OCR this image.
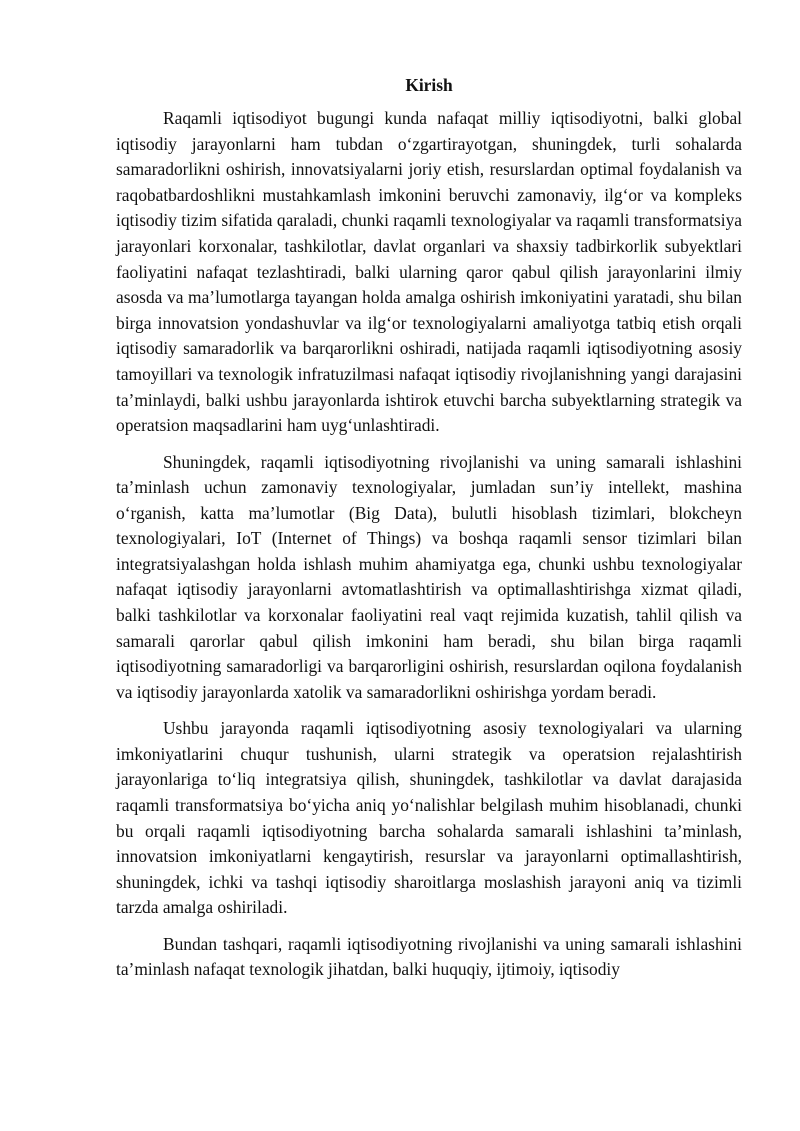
Kirish

Raqamli iqtisodiyot bugungi kunda nafaqat milliy iqtisodiyotni, balki global iqtisodiy jarayonlarni ham tubdan o‘zgartirayotgan, shuningdek, turli sohalarda samaradorlikni oshirish, innovatsiyalarni joriy etish, resurslardan optimal foydalanish va raqobatbardoshlikni mustahkamlash imkonini beruvchi zamonaviy, ilg‘or va kompleks iqtisodiy tizim sifatida qaraladi, chunki raqamli texnologiyalar va raqamli transformatsiya jarayonlari korxonalar, tashkilotlar, davlat organlari va shaxsiy tadbirkorlik subyektlari faoliyatini nafaqat tezlashtiradi, balki ularning qaror qabul qilish jarayonlarini ilmiy asosda va ma’lumotlarga tayangan holda amalga oshirish imkoniyatini yaratadi, shu bilan birga innovatsion yondashuvlar va ilg‘or texnologiyalarni amaliyotga tatbiq etish orqali iqtisodiy samaradorlik va barqarorlikni oshiradi, natijada raqamli iqtisodiyotning asosiy tamoyillari va texnologik infratuzilmasi nafaqat iqtisodiy rivojlanishning yangi darajasini ta’minlaydi, balki ushbu jarayonlarda ishtirok etuvchi barcha subyektlarning strategik va operatsion maqsadlarini ham uyg‘unlashtiradi.

Shuningdek, raqamli iqtisodiyotning rivojlanishi va uning samarali ishlashini ta’minlash uchun zamonaviy texnologiyalar, jumladan sun’iy intellekt, mashina o‘rganish, katta ma’lumotlar (Big Data), bulutli hisoblash tizimlari, blokcheyn texnologiyalari, IoT (Internet of Things) va boshqa raqamli sensor tizimlari bilan integratsiyalashgan holda ishlash muhim ahamiyatga ega, chunki ushbu texnologiyalar nafaqat iqtisodiy jarayonlarni avtomatlashtirish va optimallashtirishga xizmat qiladi, balki tashkilotlar va korxonalar faoliyatini real vaqt rejimida kuzatish, tahlil qilish va samarali qarorlar qabul qilish imkonini ham beradi, shu bilan birga raqamli iqtisodiyotning samaradorligi va barqarorligini oshirish, resurslardan oqilona foydalanish va iqtisodiy jarayonlarda xatolik va samaradorlikni oshirishga yordam beradi.

Ushbu jarayonda raqamli iqtisodiyotning asosiy texnologiyalari va ularning imkoniyatlarini chuqur tushunish, ularni strategik va operatsion rejalashtirish jarayonlariga to‘liq integratsiya qilish, shuningdek, tashkilotlar va davlat darajasida raqamli transformatsiya bo‘yicha aniq yo‘nalishlar belgilash muhim hisoblanadi, chunki bu orqali raqamli iqtisodiyotning barcha sohalarda samarali ishlashini ta’minlash, innovatsion imkoniyatlarni kengaytirish, resurslar va jarayonlarni optimallashtirish, shuningdek, ichki va tashqi iqtisodiy sharoitlarga moslashish jarayoni aniq va tizimli tarzda amalga oshiriladi.

Bundan tashqari, raqamli iqtisodiyotning rivojlanishi va uning samarali ishlashini ta’minlash nafaqat texnologik jihatdan, balki huquqiy, ijtimoiy, iqtisodiy
